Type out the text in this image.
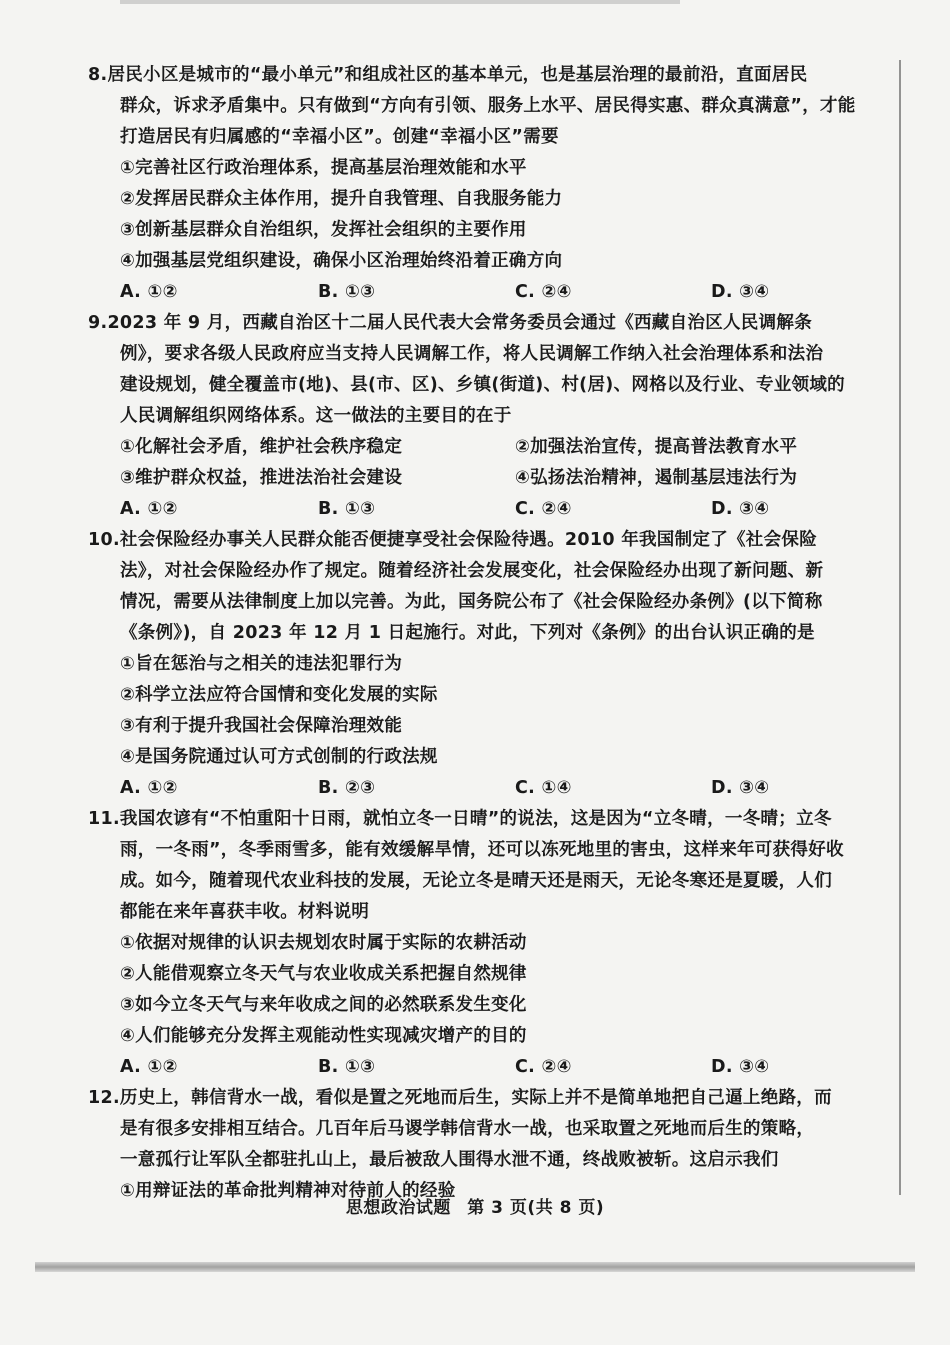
8.居民小区是城市的“最小单元”和组成社区的基本单元，也是基层治理的最前沿，直面居民
群众，诉求矛盾集中。只有做到“方向有引领、服务上水平、居民得实惠、群众真满意”，才能
打造居民有归属感的“幸福小区”。创建“幸福小区”需要
①完善社区行政治理体系，提高基层治理效能和水平
②发挥居民群众主体作用，提升自我管理、自我服务能力
③创新基层群众自治组织，发挥社会组织的主要作用
④加强基层党组织建设，确保小区治理始终沿着正确方向
A. ①②	B. ①③	C. ②④	D. ③④
9.2023 年 9 月，西藏自治区十二届人民代表大会常务委员会通过《西藏自治区人民调解条
例》，要求各级人民政府应当支持人民调解工作，将人民调解工作纳入社会治理体系和法治
建设规划，健全覆盖市(地)、县(市、区)、乡镇(街道)、村(居)、网格以及行业、专业领域的
人民调解组织网络体系。这一做法的主要目的在于
①化解社会矛盾，维护社会秩序稳定	②加强法治宣传，提高普法教育水平
③维护群众权益，推进法治社会建设	④弘扬法治精神，遏制基层违法行为
A. ①②	B. ①③	C. ②④	D. ③④
10.社会保险经办事关人民群众能否便捷享受社会保险待遇。2010 年我国制定了《社会保险
法》，对社会保险经办作了规定。随着经济社会发展变化，社会保险经办出现了新问题、新
情况，需要从法律制度上加以完善。为此，国务院公布了《社会保险经办条例》(以下简称
《条例》)，自 2023 年 12 月 1 日起施行。对此，下列对《条例》的出台认识正确的是
①旨在惩治与之相关的违法犯罪行为
②科学立法应符合国情和变化发展的实际
③有利于提升我国社会保障治理效能
④是国务院通过认可方式创制的行政法规
A. ①②	B. ②③	C. ①④	D. ③④
11.我国农谚有“不怕重阳十日雨，就怕立冬一日晴”的说法，这是因为“立冬晴，一冬晴；立冬
雨，一冬雨”，冬季雨雪多，能有效缓解旱情，还可以冻死地里的害虫，这样来年可获得好收
成。如今，随着现代农业科技的发展，无论立冬是晴天还是雨天，无论冬寒还是夏暖，人们
都能在来年喜获丰收。材料说明
①依据对规律的认识去规划农时属于实际的农耕活动
②人能借观察立冬天气与农业收成关系把握自然规律
③如今立冬天气与来年收成之间的必然联系发生变化
④人们能够充分发挥主观能动性实现减灾增产的目的
A. ①②	B. ①③	C. ②④	D. ③④
12.历史上，韩信背水一战，看似是置之死地而后生，实际上并不是简单地把自己逼上绝路，而
是有很多安排相互结合。几百年后马谡学韩信背水一战，也采取置之死地而后生的策略，
一意孤行让军队全都驻扎山上，最后被敌人围得水泄不通，终战败被斩。这启示我们
①用辩证法的革命批判精神对待前人的经验
思想政治试题 第 3 页(共 8 页)
